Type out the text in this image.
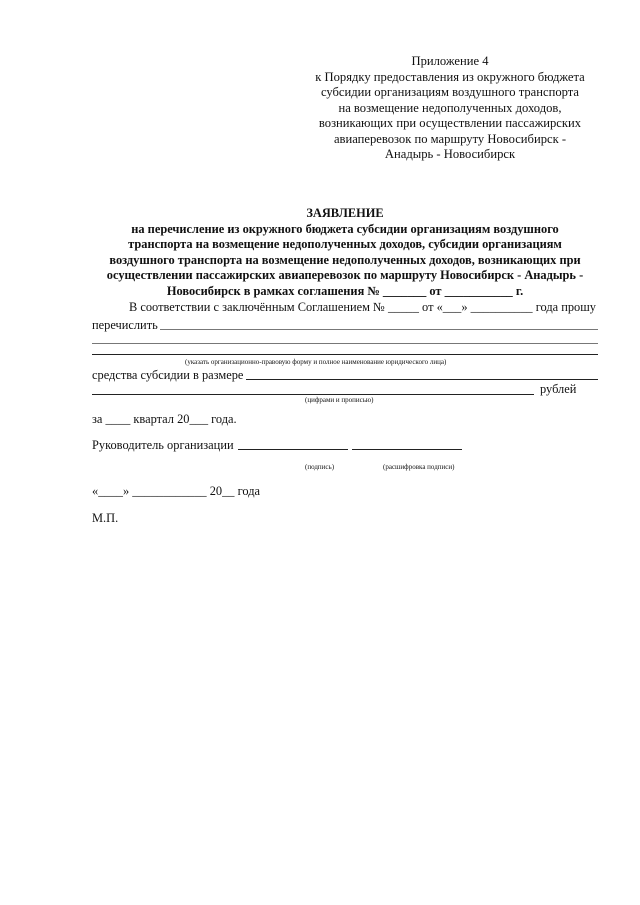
Приложение 4
к Порядку предоставления из окружного бюджета
субсидии организациям воздушного транспорта
на возмещение недополученных доходов,
возникающих при осуществлении пассажирских
авиаперевозок по маршруту Новосибирск -
Анадырь - Новосибирск
ЗАЯВЛЕНИЕ
на перечисление из окружного бюджета субсидии организациям воздушного
транспорта на возмещение недополученных доходов, субсидии организациям
воздушного транспорта на возмещение недополученных доходов, возникающих при
осуществлении пассажирских авиаперевозок по маршруту Новосибирск - Анадырь -
Новосибирск в рамках соглашения № _______ от ___________ г.
В соответствии с заключённым Соглашением № _____ от «___» __________ года прошу
перечислить
(указать организационно-правовую форму и полное наименование юридического лица)
средства субсидии в размере
рублей
(цифрами и прописью)
за ____ квартал 20___ года.
Руководитель организации
(подпись)	(расшифровка подписи)
«____» ____________ 20__ года
М.П.
